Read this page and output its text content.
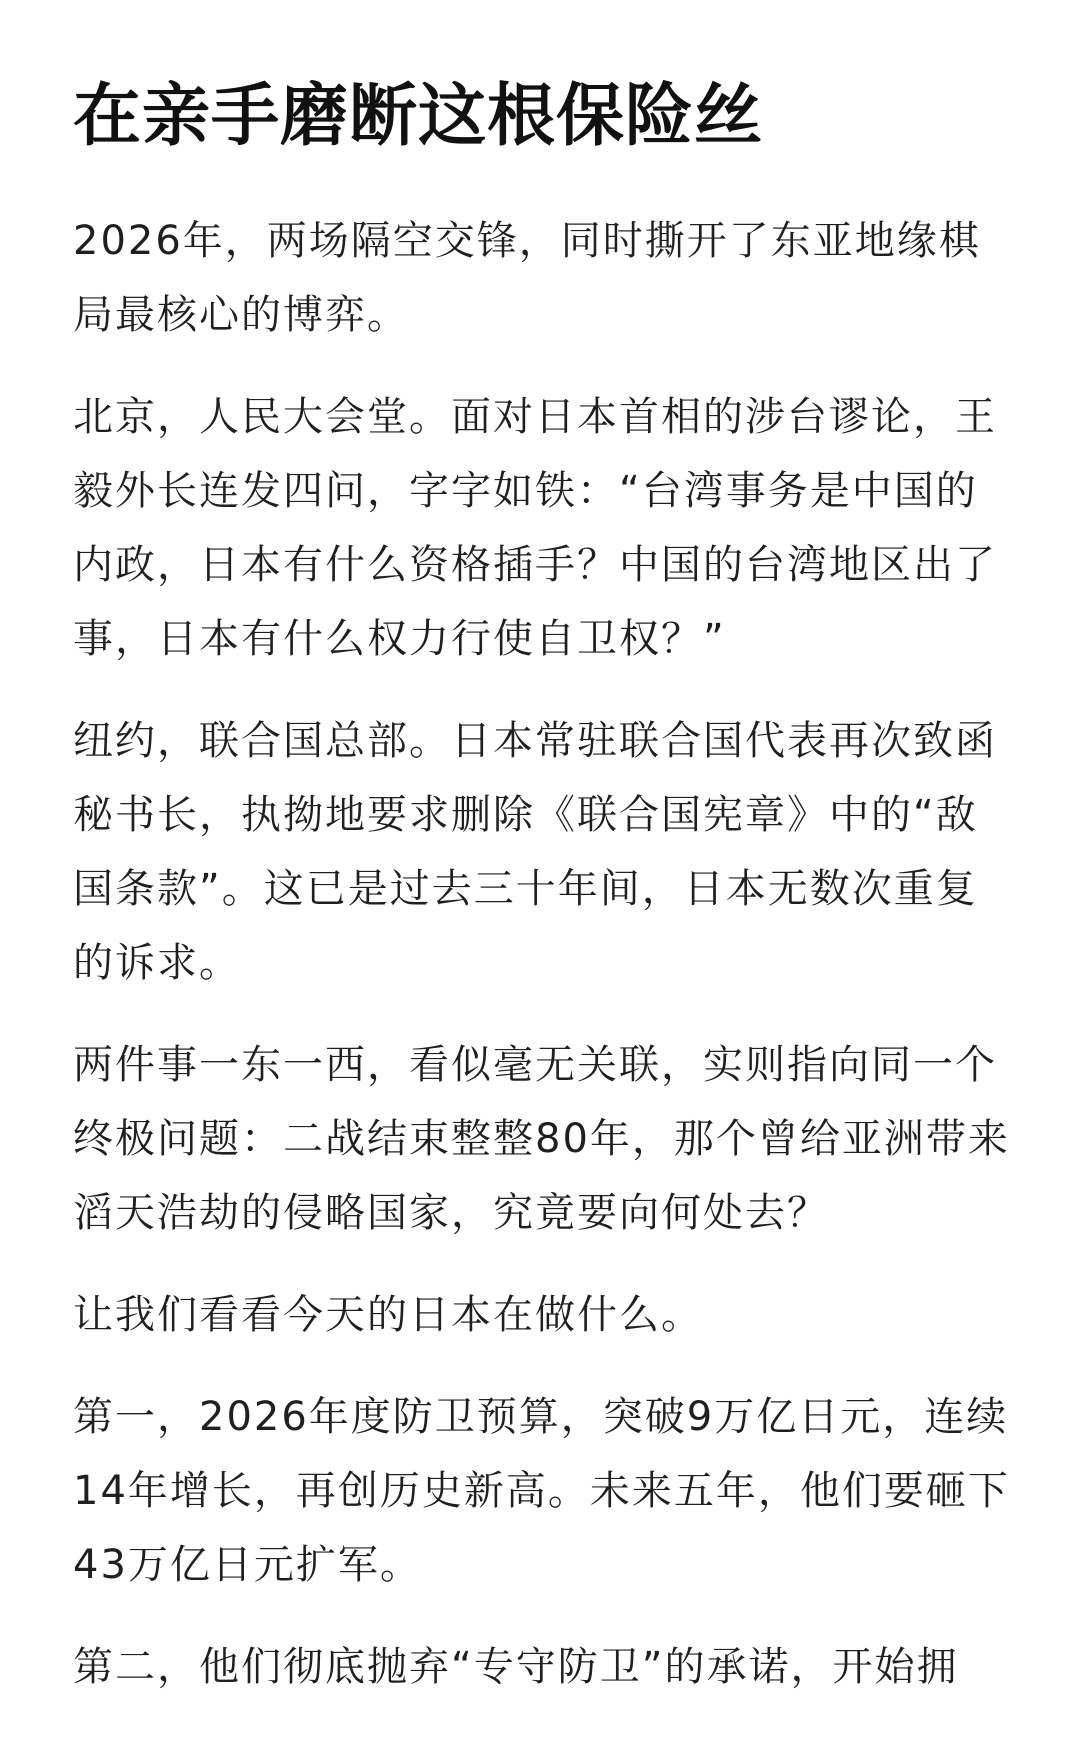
在亲手磨断这根保险丝

2026年，两场隔空交锋，同时撕开了东亚地缘棋局最核心的博弈。

北京，人民大会堂。面对日本首相的涉台谬论，王毅外长连发四问，字字如铁：“台湾事务是中国的内政，日本有什么资格插手？中国的台湾地区出了事，日本有什么权力行使自卫权？”

纽约，联合国总部。日本常驻联合国代表再次致函秘书长，执拗地要求删除《联合国宪章》中的“敌国条款”。这已是过去三十年间，日本无数次重复的诉求。

两件事一东一西，看似毫无关联，实则指向同一个终极问题：二战结束整整80年，那个曾给亚洲带来滔天浩劫的侵略国家，究竟要向何处去？

让我们看看今天的日本在做什么。

第一，2026年度防卫预算，突破9万亿日元，连续14年增长，再创历史新高。未来五年，他们要砸下43万亿日元扩军。

第二，他们彻底抛弃“专守防卫”的承诺，开始拥
